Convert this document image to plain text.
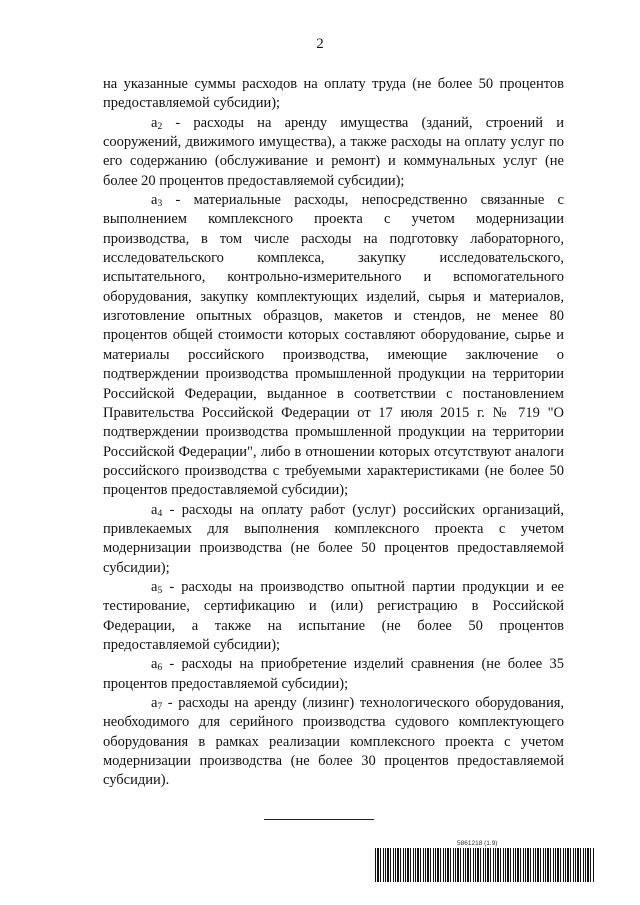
2

на указанные суммы расходов на оплату труда (не более 50 процентов предоставляемой субсидии);

$а_2$ - расходы на аренду имущества (зданий, строений и сооружений, движимого имущества), а также расходы на оплату услуг по его содержанию (обслуживание и ремонт) и коммунальных услуг (не более 20 процентов предоставляемой субсидии);

$а_3$ - материальные расходы, непосредственно связанные с выполнением комплексного проекта с учетом модернизации производства, в том числе расходы на подготовку лабораторного, исследовательского комплекса, закупку исследовательского, испытательного, контрольно-измерительного и вспомогательного оборудования, закупку комплектующих изделий, сырья и материалов, изготовление опытных образцов, макетов и стендов, не менее 80 процентов общей стоимости которых составляют оборудование, сырье и материалы российского производства, имеющие заключение о подтверждении производства промышленной продукции на территории Российской Федерации, выданное в соответствии с постановлением Правительства Российской Федерации от 17 июля 2015 г. № 719 "О подтверждении производства промышленной продукции на территории Российской Федерации", либо в отношении которых отсутствуют аналоги российского производства с требуемыми характеристиками (не более 50 процентов предоставляемой субсидии);

$а_4$ - расходы на оплату работ (услуг) российских организаций, привлекаемых для выполнения комплексного проекта с учетом модернизации производства (не более 50 процентов предоставляемой субсидии);

$а_5$ - расходы на производство опытной партии продукции и ее тестирование, сертификацию и (или) регистрацию в Российской Федерации, а также на испытание (не более 50 процентов предоставляемой субсидии);

$а_6$ - расходы на приобретение изделий сравнения (не более 35 процентов предоставляемой субсидии);

$а_7$ - расходы на аренду (лизинг) технологического оборудования, необходимого для серийного производства судового комплектующего оборудования в рамках реализации комплексного проекта с учетом модернизации производства (не более 30 процентов предоставляемой субсидии).

5861218 (1.9)
